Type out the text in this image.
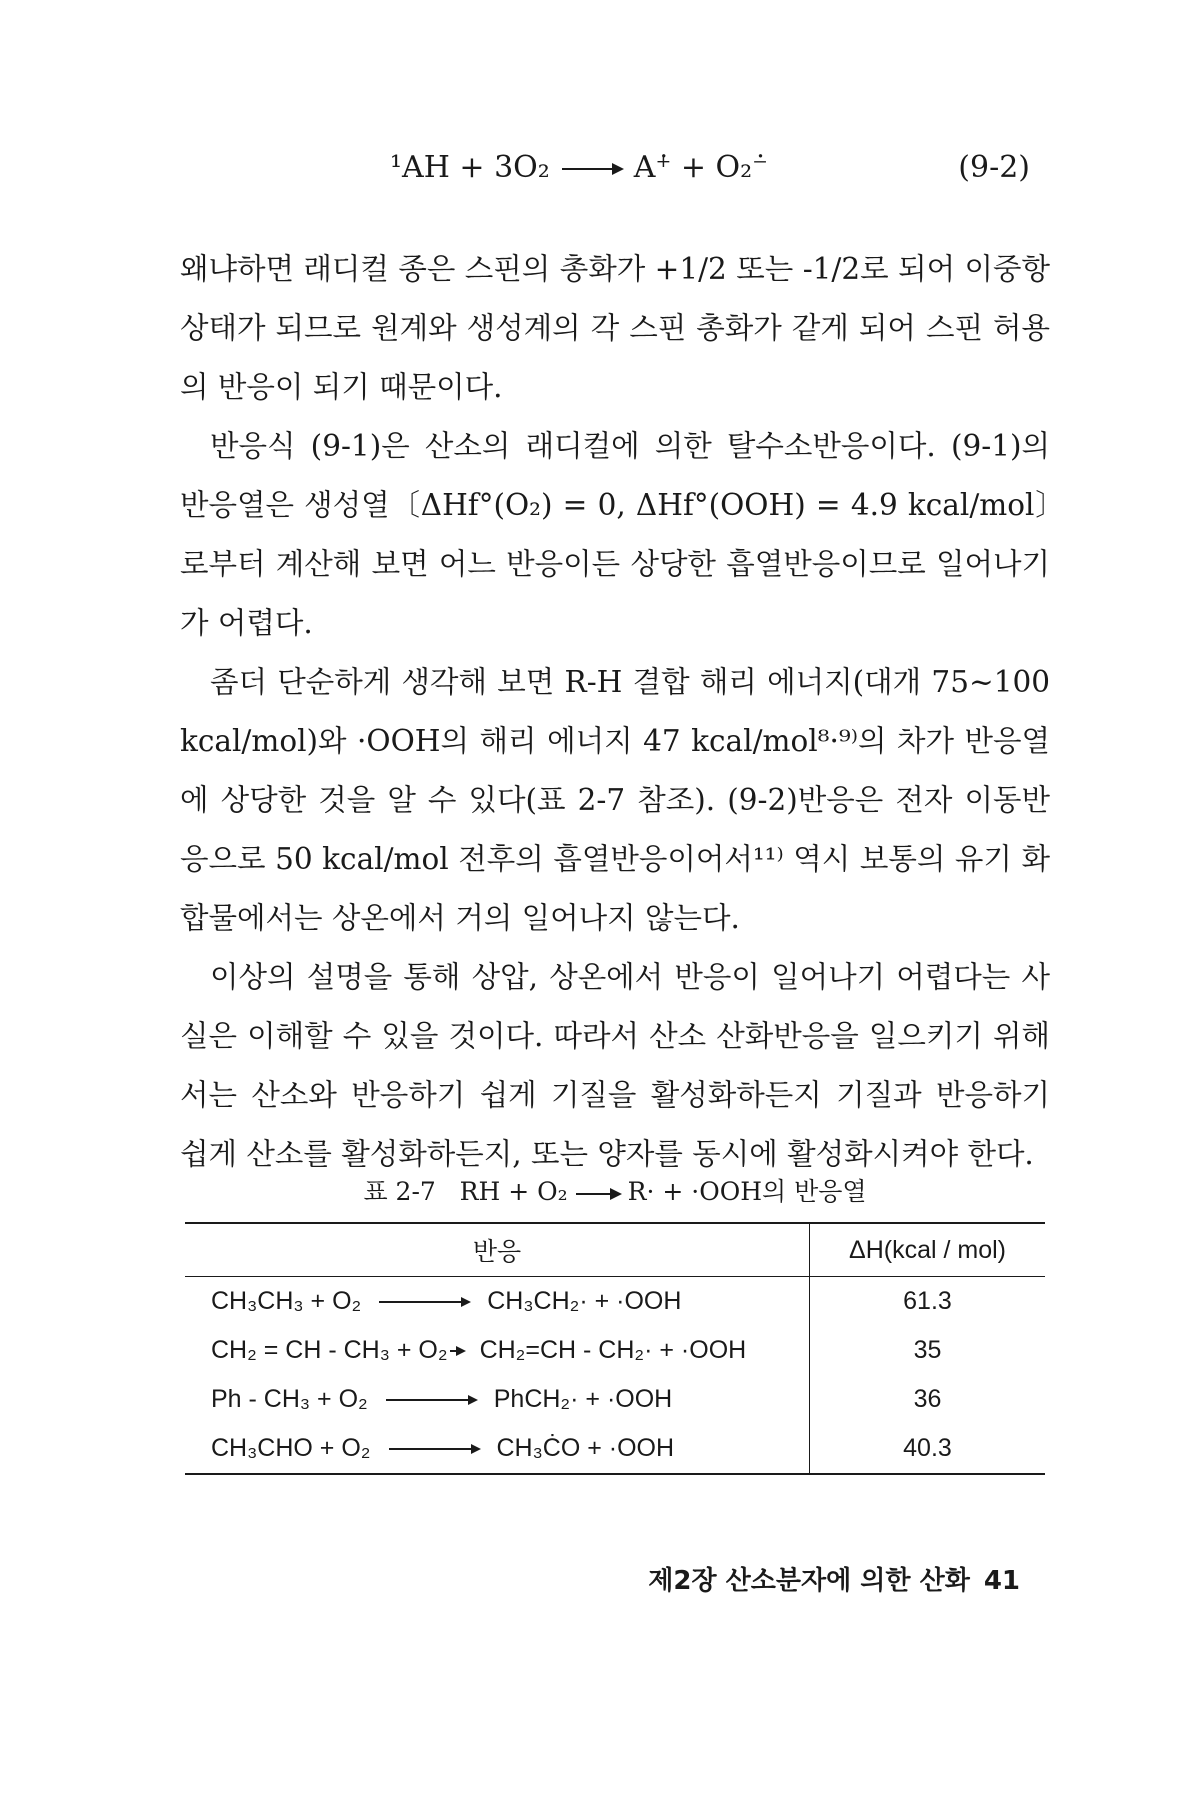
¹AH + 3O₂ → A⁺̇ + O₂⁻̇	(9-2)

왜냐하면 래디컬 종은 스핀의 총화가 +1/2 또는 -1/2로 되어 이중항 상태가 되므로 원계와 생성계의 각 스핀 총화가 같게 되어 스핀 허용의 반응이 되기 때문이다.

반응식 (9-1)은 산소의 래디컬에 의한 탈수소반응이다. (9-1)의 반응열은 생성열〔ΔHf°(O₂) = 0, ΔHf°(OOH) = 4.9 kcal/mol〕로부터 계산해 보면 어느 반응이든 상당한 흡열반응이므로 일어나기가 어렵다.

좀더 단순하게 생각해 보면 R-H 결합 해리 에너지(대개 75~100 kcal/mol)와 ·OOH의 해리 에너지 47 kcal/mol⁸·⁹⁾의 차가 반응열에 상당한 것을 알 수 있다(표 2-7 참조). (9-2)반응은 전자 이동반응으로 50 kcal/mol 전후의 흡열반응이어서¹¹⁾ 역시 보통의 유기 화합물에서는 상온에서 거의 일어나지 않는다.

이상의 설명을 통해 상압, 상온에서 반응이 일어나기 어렵다는 사실은 이해할 수 있을 것이다. 따라서 산소 산화반응을 일으키기 위해서는 산소와 반응하기 쉽게 기질을 활성화하든지 기질과 반응하기 쉽게 산소를 활성화하든지, 또는 양자를 동시에 활성화시켜야 한다.

표 2-7 RH + O₂ R· + ·OOH의 반응열
반응	ΔH(kcal / mol)
CH₃CH₃ + O₂ → CH₃CH₂· + ·OOH	61.3
CH₂ = CH - CH₃ + O₂ CH₂=CH - CH₂· + ·OOH	35
Ph - CH₃ + O₂ → PhCH₂· + ·OOH	36
CH₃CHO + O₂ → CH₃ĊO + ·OOH	40.3
제2장 산소분자에 의한 산화 41
